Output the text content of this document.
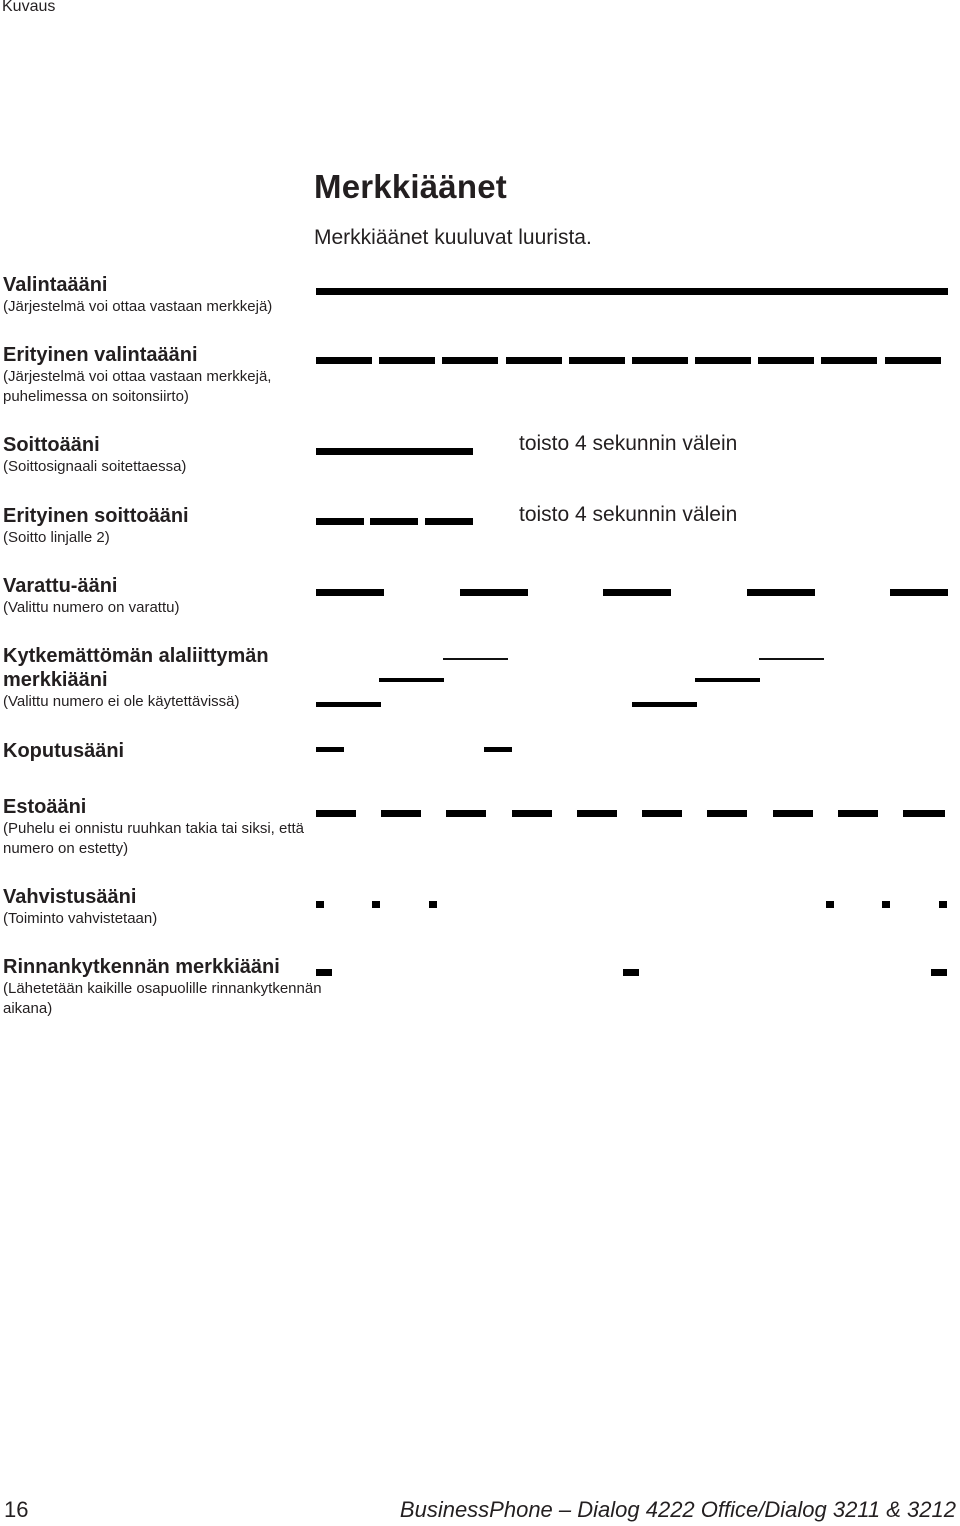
Kuvaus
Merkkiäänet
Merkkiäänet kuuluvat luurista.
Valintaääni
(Järjestelmä voi ottaa vastaan merkkejä)
Erityinen valintaääni
(Järjestelmä voi ottaa vastaan merkkejä, puhelimessa on soitonsiirto)
Soittoääni
(Soittosignaali soitettaessa)
Erityinen soittoääni
(Soitto linjalle 2)
Varattu-ääni
(Valittu numero on varattu)
Kytkemättömän alaliittymän merkkiääni
(Valittu numero ei ole käytettävissä)
Koputusääni
Estoääni
(Puhelu ei onnistu ruuhkan takia tai siksi, että numero on estetty)
Vahvistusääni
(Toiminto vahvistetaan)
Rinnankytkennän merkkiääni
(Lähetetään kaikille osapuolille rinnankytkennän aikana)
toisto 4 sekunnin välein
toisto 4 sekunnin välein
16	BusinessPhone – Dialog 4222 Office/Dialog 3211 & 3212
